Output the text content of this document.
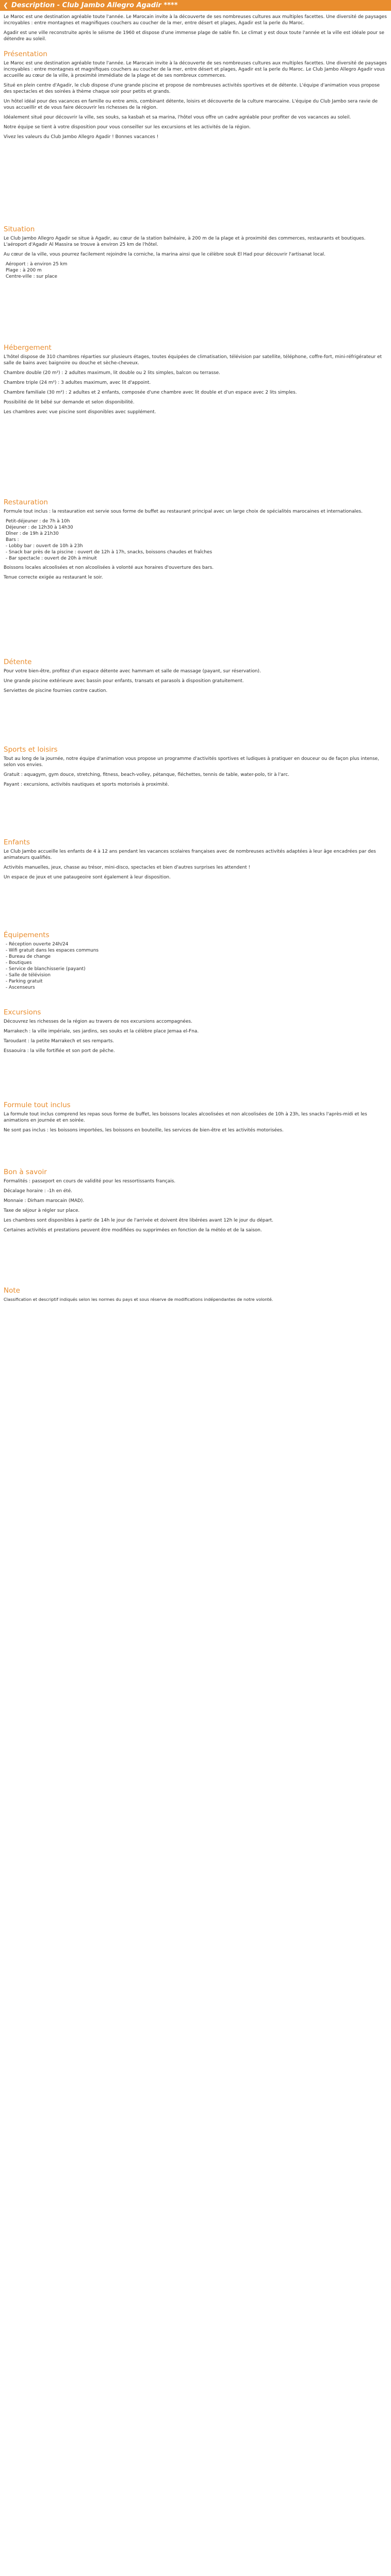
❮ Description - Club Jambo Allegro Agadir ****

Le Maroc est une destination agréable toute l'année. Le Marocain invite à la découverte de ses nombreuses cultures aux multiples facettes. Une diversité de paysages incroyables : entre montagnes et magnifiques couchers au coucher de la mer, entre désert et plages, Agadir est la perle du Maroc.

Agadir est une ville reconstruite après le séisme de 1960 et dispose d'une immense plage de sable fin. Le climat y est doux toute l'année et la ville est idéale pour se détendre au soleil.

Présentation

Le Maroc est une destination agréable toute l'année. Le Marocain invite à la découverte de ses nombreuses cultures aux multiples facettes. Une diversité de paysages incroyables : entre montagnes et magnifiques couchers au coucher de la mer, entre désert et plages, Agadir est la perle du Maroc. Le Club Jambo Allegro Agadir vous accueille au cœur de la ville, à proximité immédiate de la plage et de ses nombreux commerces.

Situé en plein centre d'Agadir, le club dispose d'une grande piscine et propose de nombreuses activités sportives et de détente. L'équipe d'animation vous propose des spectacles et des soirées à thème chaque soir pour petits et grands.

Un hôtel idéal pour des vacances en famille ou entre amis, combinant détente, loisirs et découverte de la culture marocaine. L'équipe du Club Jambo sera ravie de vous accueillir et de vous faire découvrir les richesses de la région.

Idéalement situé pour découvrir la ville, ses souks, sa kasbah et sa marina, l'hôtel vous offre un cadre agréable pour profiter de vos vacances au soleil.

Notre équipe se tient à votre disposition pour vous conseiller sur les excursions et les activités de la région.

Vivez les valeurs du Club Jambo Allegro Agadir ! Bonnes vacances !

Situation

Le Club Jambo Allegro Agadir se situe à Agadir, au cœur de la station balnéaire, à 200 m de la plage et à proximité des commerces, restaurants et boutiques. L'aéroport d'Agadir Al Massira se trouve à environ 25 km de l'hôtel.

Au cœur de la ville, vous pourrez facilement rejoindre la corniche, la marina ainsi que le célèbre souk El Had pour découvrir l'artisanat local.

Aéroport : à environ 25 km
Plage : à 200 m
Centre-ville : sur place
Hébergement

L'hôtel dispose de 310 chambres réparties sur plusieurs étages, toutes équipées de climatisation, télévision par satellite, téléphone, coffre-fort, mini-réfrigérateur et salle de bains avec baignoire ou douche et sèche-cheveux.

Chambre double (20 m²) : 2 adultes maximum, lit double ou 2 lits simples, balcon ou terrasse.

Chambre triple (24 m²) : 3 adultes maximum, avec lit d'appoint.

Chambre familiale (30 m²) : 2 adultes et 2 enfants, composée d'une chambre avec lit double et d'un espace avec 2 lits simples.

Possibilité de lit bébé sur demande et selon disponibilité.

Les chambres avec vue piscine sont disponibles avec supplément.

Restauration

Formule tout inclus : la restauration est servie sous forme de buffet au restaurant principal avec un large choix de spécialités marocaines et internationales.

Petit-déjeuner : de 7h à 10h
Déjeuner : de 12h30 à 14h30
Dîner : de 19h à 21h30
Bars :
- Lobby bar : ouvert de 10h à 23h
- Snack bar près de la piscine : ouvert de 12h à 17h, snacks, boissons chaudes et fraîches
- Bar spectacle : ouvert de 20h à minuit

Boissons locales alcoolisées et non alcoolisées à volonté aux horaires d'ouverture des bars.

Tenue correcte exigée au restaurant le soir.

Détente

Pour votre bien-être, profitez d'un espace détente avec hammam et salle de massage (payant, sur réservation).

Une grande piscine extérieure avec bassin pour enfants, transats et parasols à disposition gratuitement.

Serviettes de piscine fournies contre caution.

Sports et loisirs

Tout au long de la journée, notre équipe d'animation vous propose un programme d'activités sportives et ludiques à pratiquer en douceur ou de façon plus intense, selon vos envies.

Gratuit : aquagym, gym douce, stretching, fitness, beach-volley, pétanque, fléchettes, tennis de table, water-polo, tir à l'arc.

Payant : excursions, activités nautiques et sports motorisés à proximité.

Enfants

Le Club Jambo accueille les enfants de 4 à 12 ans pendant les vacances scolaires françaises avec de nombreuses activités adaptées à leur âge encadrées par des animateurs qualifiés.

Activités manuelles, jeux, chasse au trésor, mini-disco, spectacles et bien d'autres surprises les attendent !

Un espace de jeux et une pataugeoire sont également à leur disposition.

Équipements
- Réception ouverte 24h/24
- Wifi gratuit dans les espaces communs
- Bureau de change
- Boutiques
- Service de blanchisserie (payant)
- Salle de télévision
- Parking gratuit
- Ascenseurs
Excursions

Découvrez les richesses de la région au travers de nos excursions accompagnées.

Marrakech : la ville impériale, ses jardins, ses souks et la célèbre place Jemaa el-Fna.

Taroudant : la petite Marrakech et ses remparts.

Essaouira : la ville fortifiée et son port de pêche.

Formule tout inclus

La formule tout inclus comprend les repas sous forme de buffet, les boissons locales alcoolisées et non alcoolisées de 10h à 23h, les snacks l'après-midi et les animations en journée et en soirée.

Ne sont pas inclus : les boissons importées, les boissons en bouteille, les services de bien-être et les activités motorisées.

Bon à savoir

Formalités : passeport en cours de validité pour les ressortissants français.

Décalage horaire : -1h en été.

Monnaie : Dirham marocain (MAD).

Taxe de séjour à régler sur place.

Les chambres sont disponibles à partir de 14h le jour de l'arrivée et doivent être libérées avant 12h le jour du départ.

Certaines activités et prestations peuvent être modifiées ou supprimées en fonction de la météo et de la saison.

Note

Classification et descriptif indiqués selon les normes du pays et sous réserve de modifications indépendantes de notre volonté.
